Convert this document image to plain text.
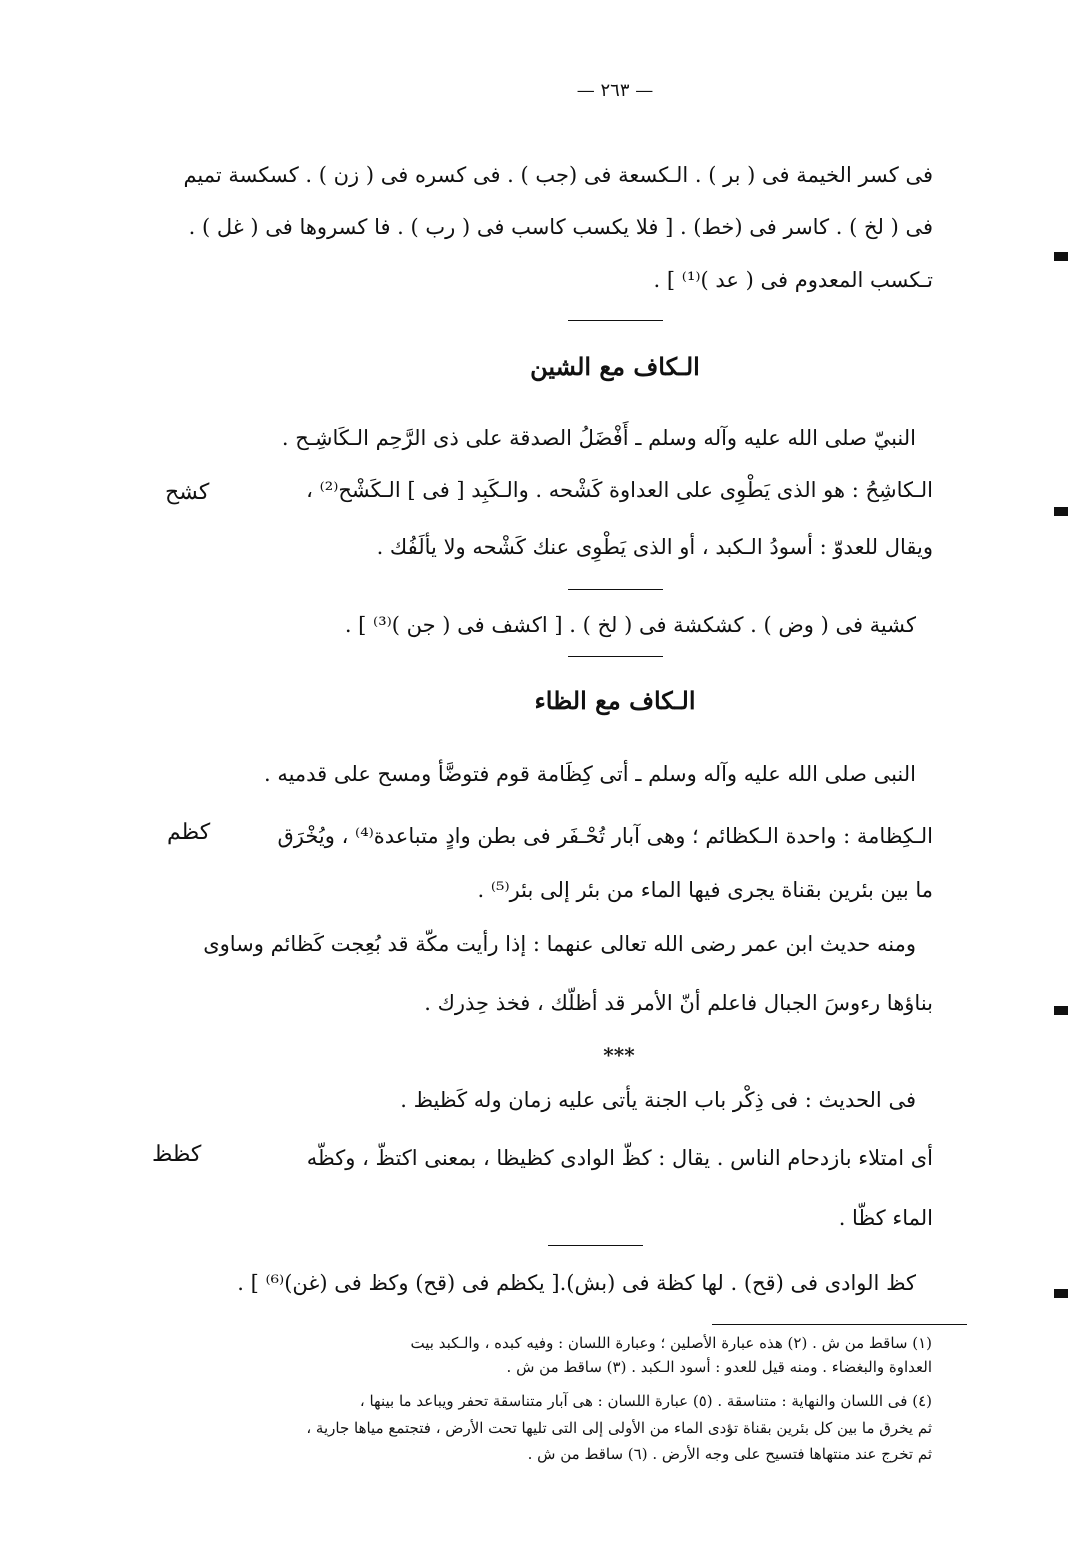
— ٢٦٣ —
فى كسر الخيمة فى ( بر ) . الـكسعة فى (جب ) . فى كسره فى ( زن ) . كسكسة تميم
فى ( لخ ) . كاسر فى (خط) . [ فلا يكسب كاسب فى ( رب ) . فا كسروها فى ( غل ) .
تـكسب المعدوم فى ( عد )⁽¹⁾ ] .
الـكاف مع الشين
النبيّ صلى الله عليه وآله وسلم ـ أَفْضَلُ الصدقة على ذى الرَّحِم الـكَاشِـح .
الـكاشِحُ : هو الذى يَطْوِى على العداوة كَشْحه . والـكَبِد [ فى ] الـكَشْح⁽²⁾ ،
كشح
ويقال للعدوّ : أسودُ الـكبد ، أو الذى يَطْوِى عنك كَشْحه ولا يألَفُك .
كشية فى ( وض ) . كشكشة فى ( لخ ) . [ اكشف فى ( جن )⁽³⁾ ] .
الـكاف مع الظاء
النبى صلى الله عليه وآله وسلم ـ أتى كِظَامة قوم فتوضَّأ ومسح على قدميه .
الـكِظامة : واحدة الـكظائم ؛ وهى آبار تُحْـفَر فى بطن وادٍ متباعدة⁽⁴⁾ ، ويُخْرَق
كظم
ما بين بئرين بقناة يجرى فيها الماء من بئر إلى بئر⁽⁵⁾ .
ومنه حديث ابن عمر رضى الله تعالى عنهما : إذا رأيت مكّة قد بُعِجت كَظائم وساوى
بناؤها رءوسَ الجبال فاعلم أنّ الأمر قد أظلّك ، فخذ حِذرك .
***
فى الحديث : فى ذِكْر باب الجنة يأتى عليه زمان وله كَظيظ .
أى امتلاء بازدحام الناس . يقال : كظّ الوادى كظيظا ، بمعنى اكتظّ ، وكظّه
كظظ
الماء كظّا .
كظ الوادى فى (قح) . لها كظة فى (بش).[ يكظم فى (قح) وكظ فى (غن)⁽⁶⁾ ] .
(١) ساقط من ش . (٢) هذه عبارة الأصلين ؛ وعبارة اللسان : وفيه كبده ، والـكبد بيت
العداوة والبغضاء . ومنه قيل للعدو : أسود الـكبد . (٣) ساقط من ش .
(٤) فى اللسان والنهاية : متناسقة . (٥) عبارة اللسان : هى آبار متناسقة تحفر ويباعد ما بينها ،
ثم يخرق ما بين كل بئرين بقناة تؤدى الماء من الأولى إلى التى تليها تحت الأرض ، فتجتمع مياها جارية ،
ثم تخرج عند منتهاها فتسيح على وجه الأرض . (٦) ساقط من ش .
